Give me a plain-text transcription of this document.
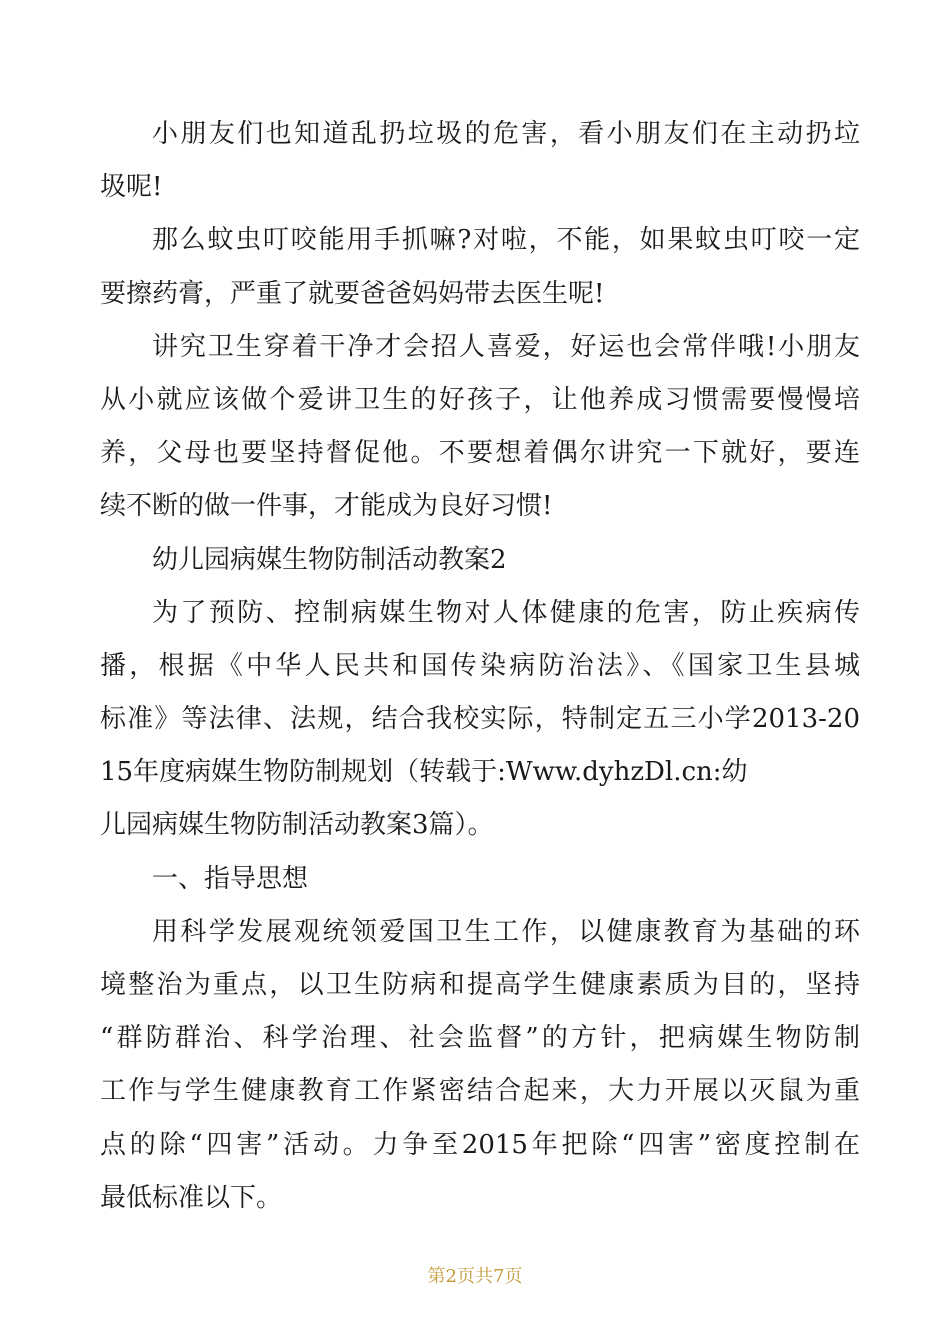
小朋友们也知道乱扔垃圾的危害，看小朋友们在主动扔垃
圾呢!
那么蚊虫叮咬能用手抓嘛?对啦，不能，如果蚊虫叮咬一定
要擦药膏，严重了就要爸爸妈妈带去医生呢!
讲究卫生穿着干净才会招人喜爱，好运也会常伴哦!小朋友
从小就应该做个爱讲卫生的好孩子，让他养成习惯需要慢慢培
养，父母也要坚持督促他。不要想着偶尔讲究一下就好，要连
续不断的做一件事，才能成为良好习惯!
幼儿园病媒生物防制活动教案2
为了预防、控制病媒生物对人体健康的危害，防止疾病传
播，根据《中华人民共和国传染病防治法》、《国家卫生县城
标准》等法律、法规，结合我校实际，特制定五三小学2013-20
15年度病媒生物防制规划（转载于:Www.dyhzDl.cn:幼
儿园病媒生物防制活动教案3篇）。
一、指导思想
用科学发展观统领爱国卫生工作，以健康教育为基础的环
境整治为重点，以卫生防病和提高学生健康素质为目的，坚持
“群防群治、科学治理、社会监督”的方针，把病媒生物防制
工作与学生健康教育工作紧密结合起来，大力开展以灭鼠为重
点的除“四害”活动。力争至2015年把除“四害”密度控制在
最低标准以下。
第2页共7页
